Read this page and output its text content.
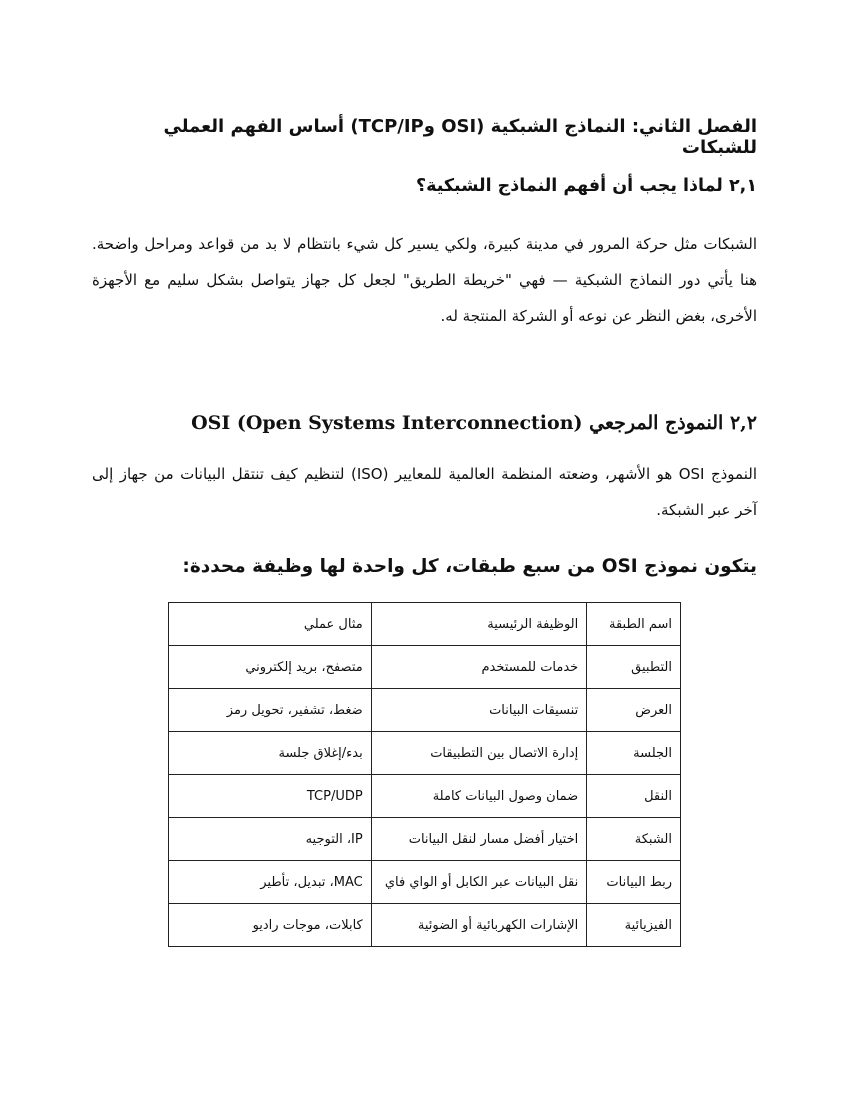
الفصل الثاني: النماذج الشبكية (OSI وTCP/IP) أساس الفهم العملي للشبكات
٢,١ لماذا يجب أن أفهم النماذج الشبكية؟

الشبكات مثل حركة المرور في مدينة كبيرة، ولكي يسير كل شيء بانتظام لا بد من قواعد ومراحل واضحة. هنا يأتي دور النماذج الشبكية — فهي "خريطة الطريق" لجعل كل جهاز يتواصل بشكل سليم مع الأجهزة الأخرى، بغض النظر عن نوعه أو الشركة المنتجة له.

٢,٢ النموذج المرجعي OSI (Open Systems Interconnection)

النموذج OSI هو الأشهر، وضعته المنظمة العالمية للمعايير (ISO) لتنظيم كيف تنتقل البيانات من جهاز إلى آخر عبر الشبكة.

يتكون نموذج OSI من سبع طبقات، كل واحدة لها وظيفة محددة:
اسم الطبقة	الوظيفة الرئيسية	مثال عملي
التطبيق	خدمات للمستخدم	متصفح، بريد إلكتروني
العرض	تنسيقات البيانات	ضغط، تشفير، تحويل رمز
الجلسة	إدارة الاتصال بين التطبيقات	بدء/إغلاق جلسة
النقل	ضمان وصول البيانات كاملة	TCP/UDP
الشبكة	اختيار أفضل مسار لنقل البيانات	IP، التوجيه
ربط البيانات	نقل البيانات عبر الكابل أو الواي فاي	MAC، تبديل، تأطير
الفيزيائية	الإشارات الكهربائية أو الضوئية	كابلات، موجات راديو
